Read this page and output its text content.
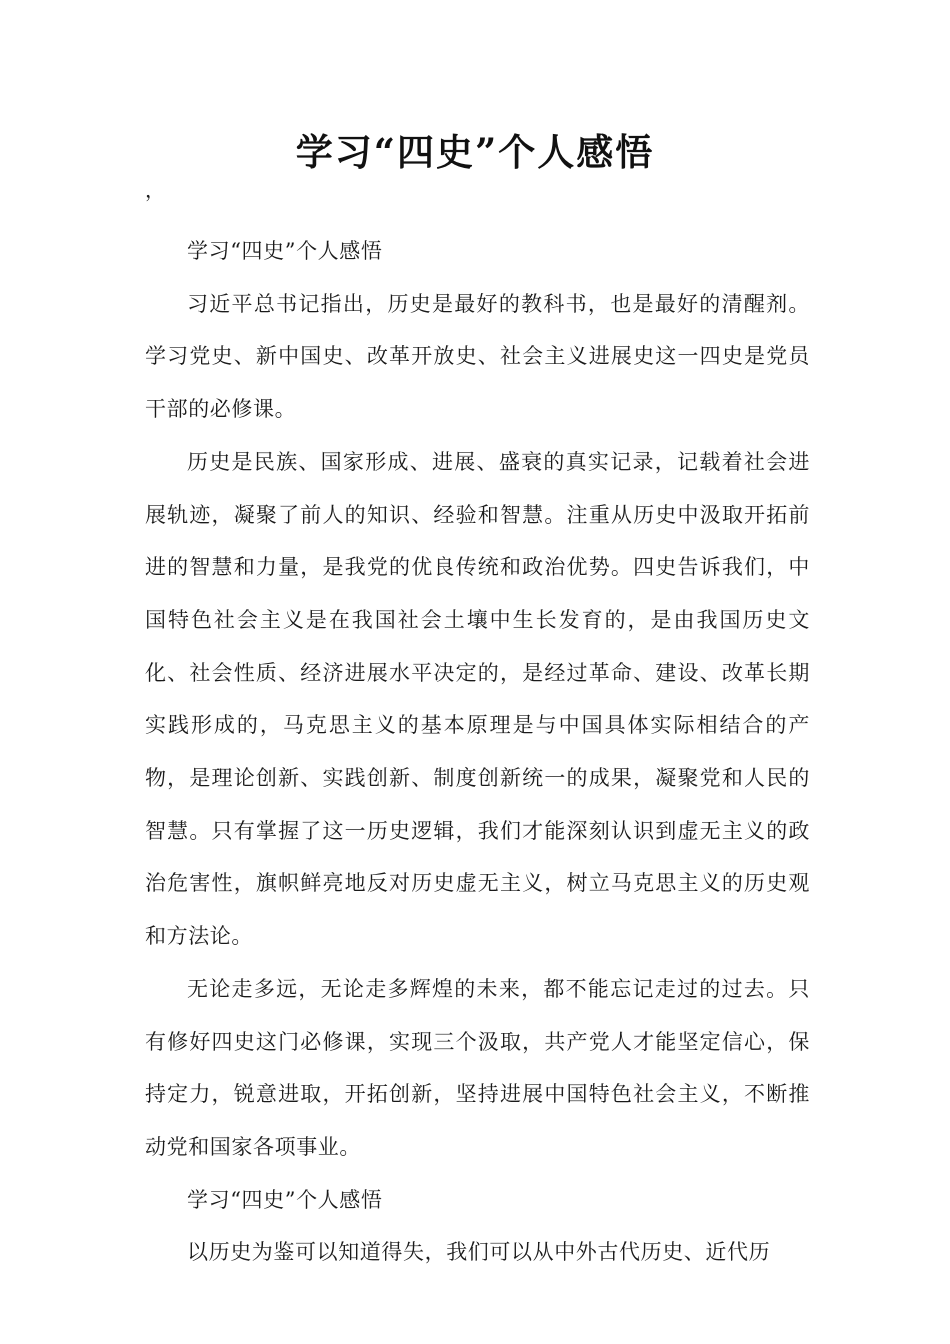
学习“四史”个人感悟
，

学习“四史”个人感悟

习近平总书记指出，历史是最好的教科书，也是最好的清醒剂。学习党史、新中国史、改革开放史、社会主义进展史这一四史是党员干部的必修课。

历史是民族、国家形成、进展、盛衰的真实记录，记载着社会进展轨迹，凝聚了前人的知识、经验和智慧。注重从历史中汲取开拓前进的智慧和力量，是我党的优良传统和政治优势。四史告诉我们，中国特色社会主义是在我国社会土壤中生长发育的，是由我国历史文化、社会性质、经济进展水平决定的，是经过革命、建设、改革长期实践形成的，马克思主义的基本原理是与中国具体实际相结合的产物，是理论创新、实践创新、制度创新统一的成果，凝聚党和人民的智慧。只有掌握了这一历史逻辑，我们才能深刻认识到虚无主义的政治危害性，旗帜鲜亮地反对历史虚无主义，树立马克思主义的历史观和方法论。

无论走多远，无论走多辉煌的未来，都不能忘记走过的过去。只有修好四史这门必修课，实现三个汲取，共产党人才能坚定信心，保持定力，锐意进取，开拓创新，坚持进展中国特色社会主义，不断推动党和国家各项事业。

学习“四史”个人感悟

以历史为鉴可以知道得失，我们可以从中外古代历史、近代历
